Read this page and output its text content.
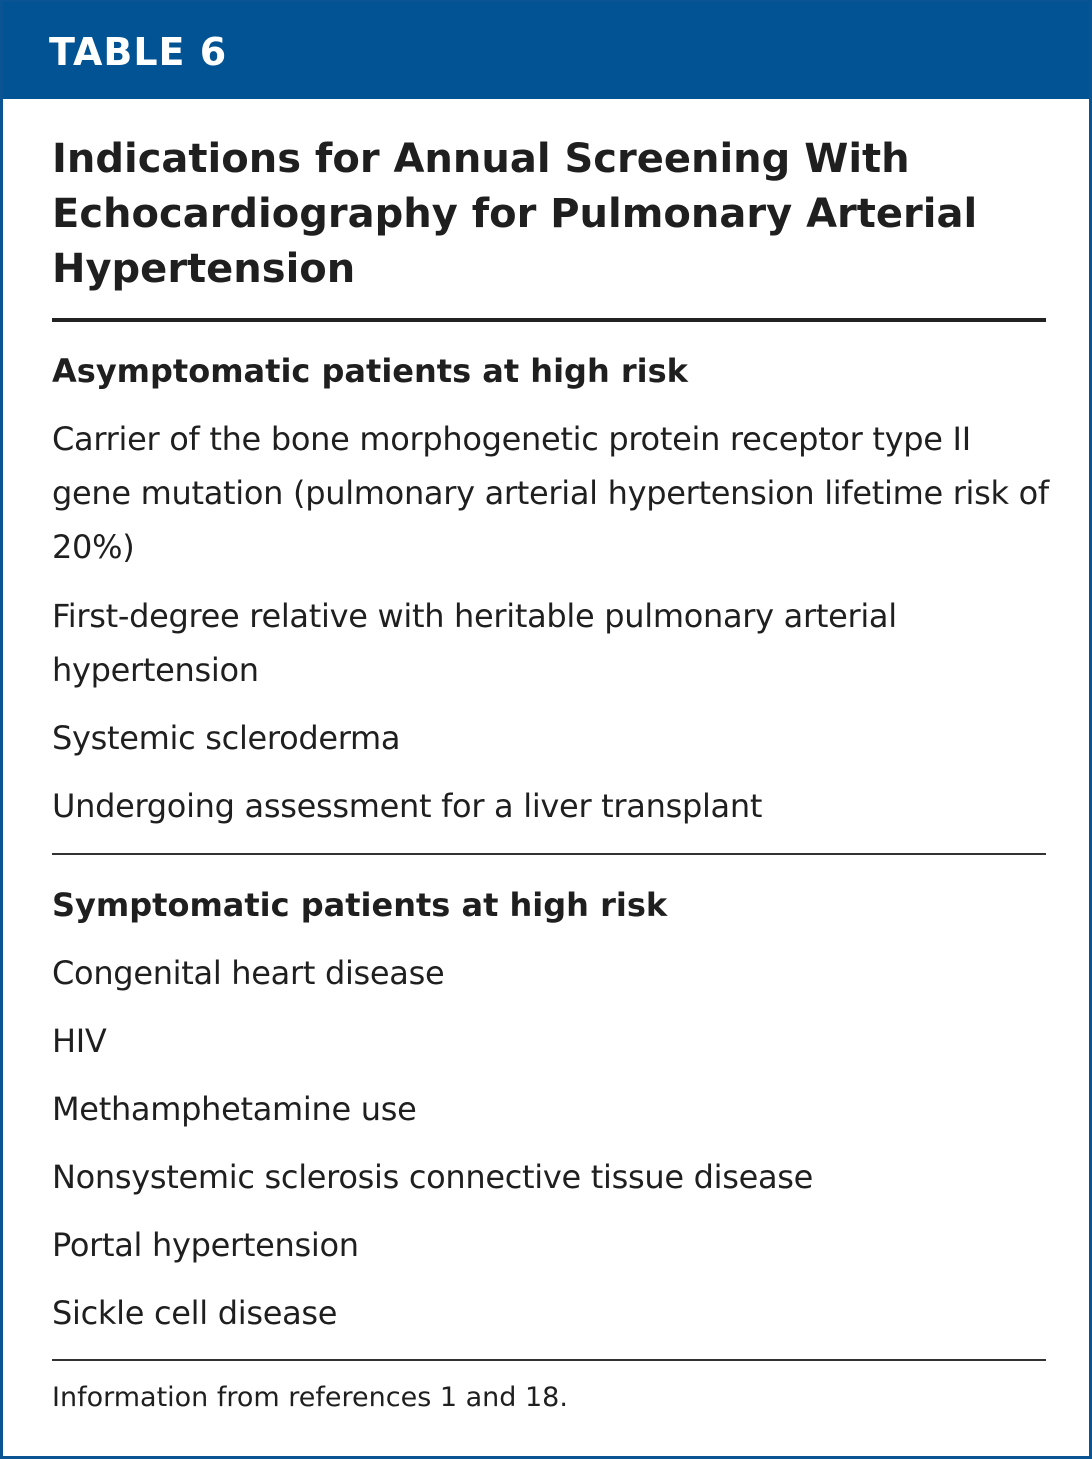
TABLE 6
Indications for Annual Screening With Echocardiography for Pulmonary Arterial Hypertension
Asymptomatic patients at high risk
Carrier of the bone morphogenetic protein receptor type II gene mutation (pulmonary arterial hypertension lifetime risk of 20%)
First-degree relative with heritable pulmonary arterial hypertension
Systemic scleroderma
Undergoing assessment for a liver transplant
Symptomatic patients at high risk
Congenital heart disease
HIV
Methamphetamine use
Nonsystemic sclerosis connective tissue disease
Portal hypertension
Sickle cell disease
Information from references 1 and 18.
